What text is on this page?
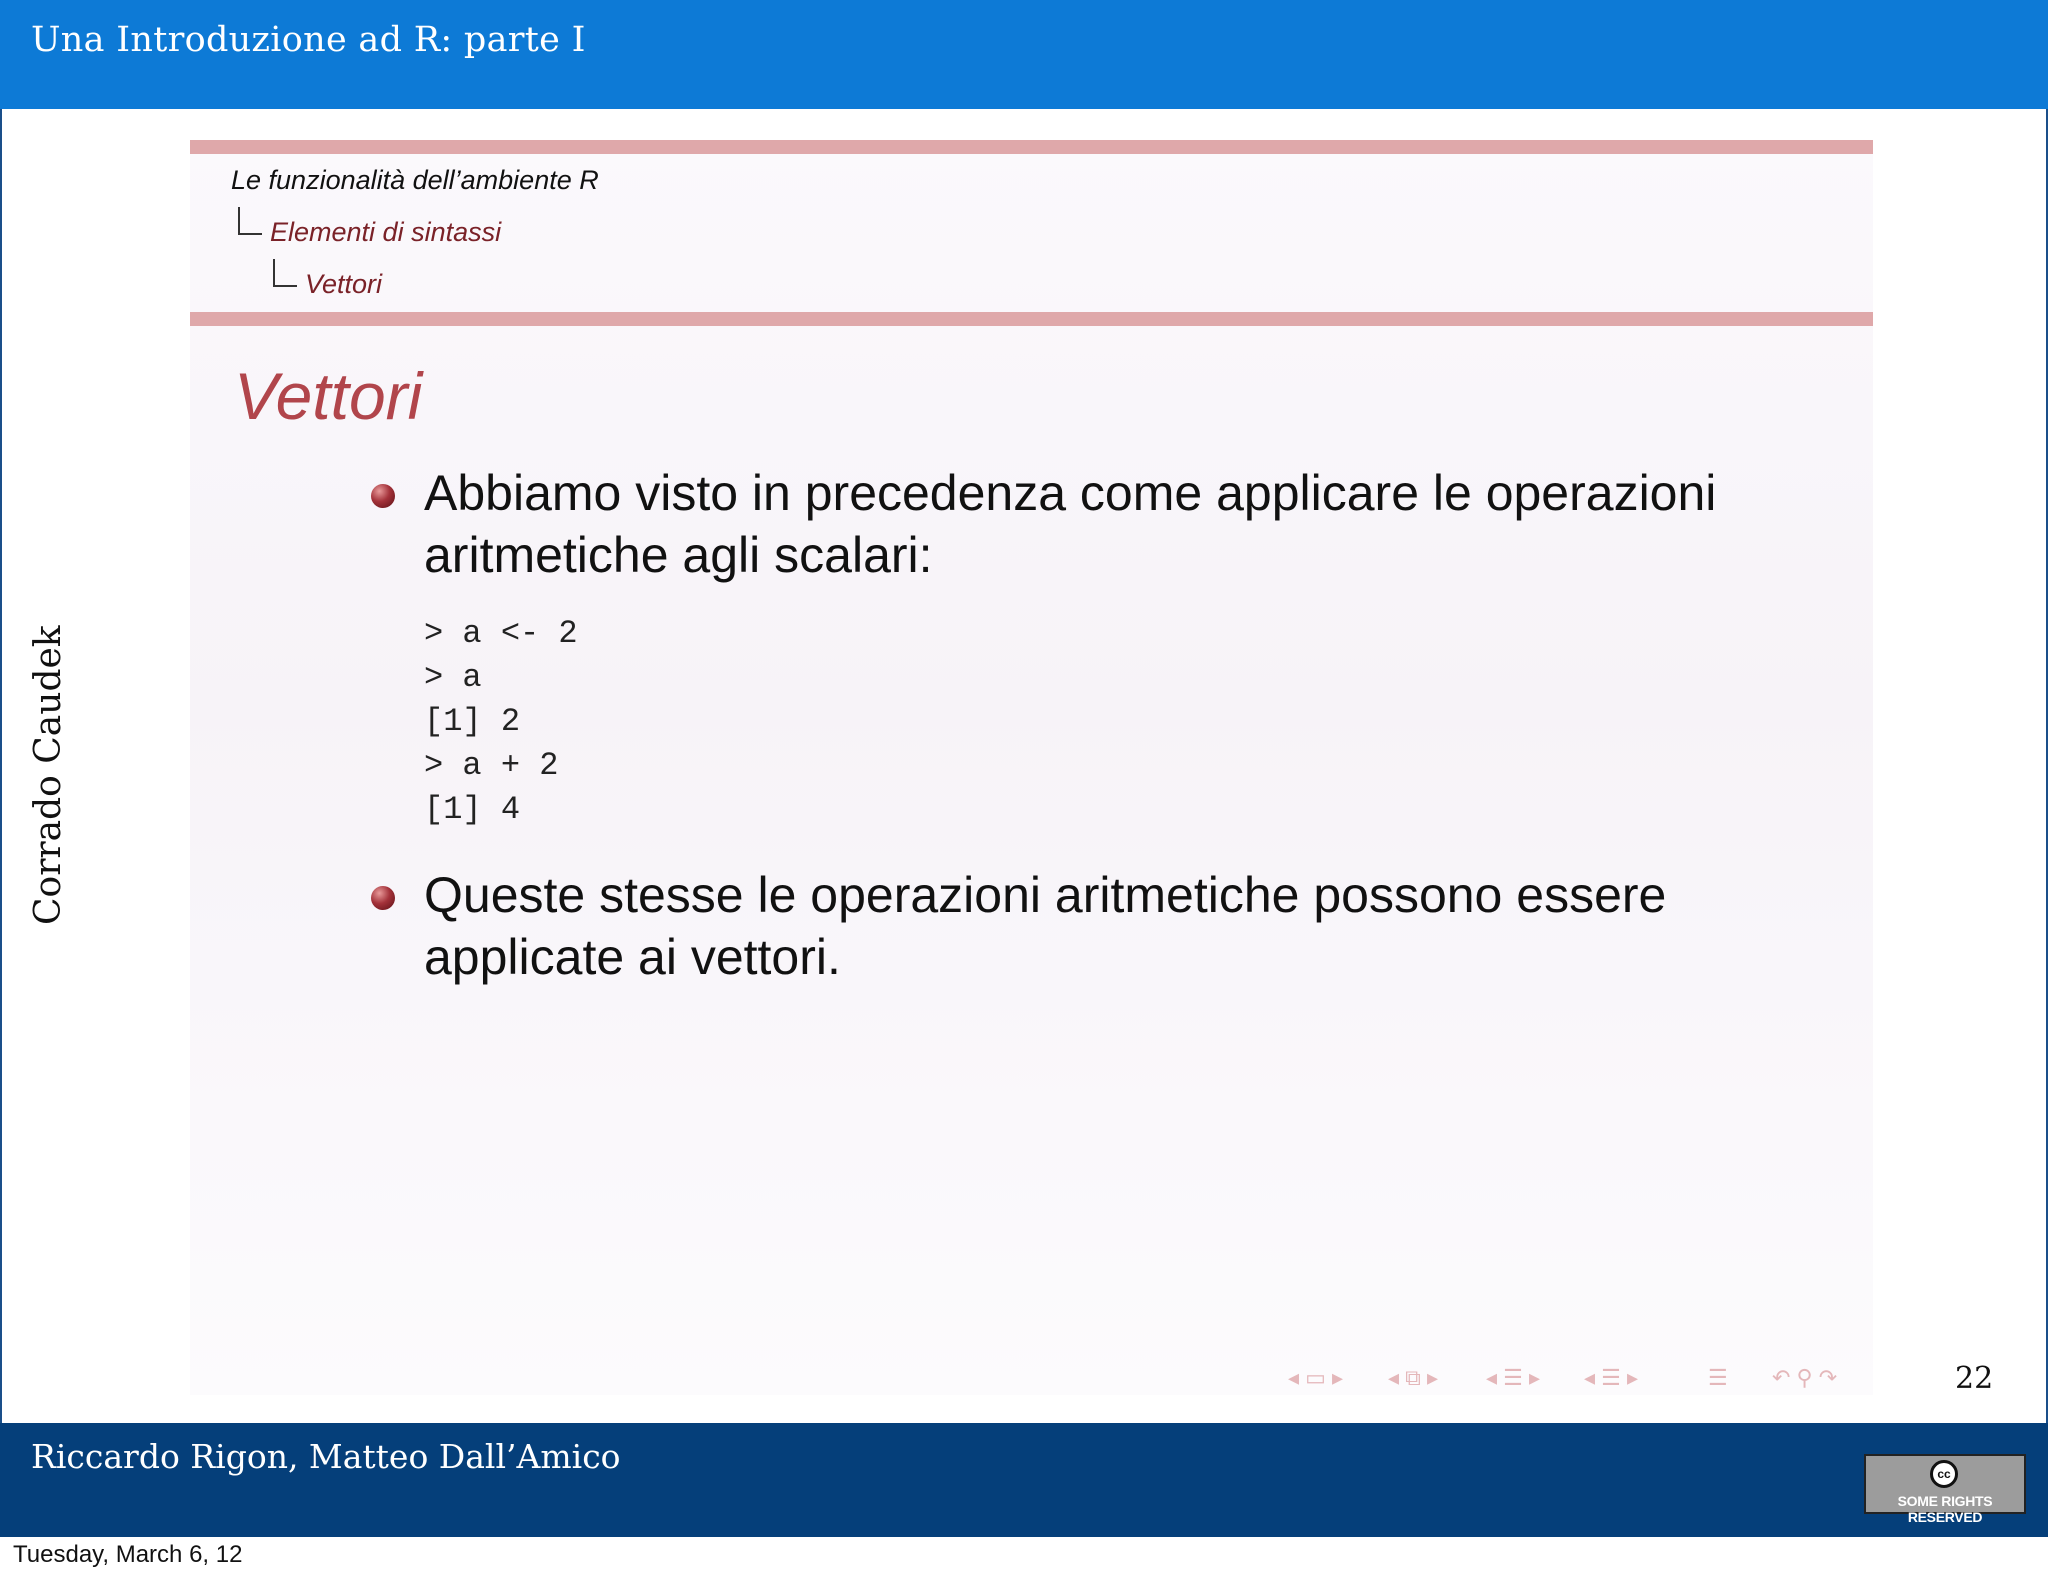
Una Introduzione ad R: parte I
Corrado Caudek
Le funzionalità dell’ambiente R
Elementi di sintassi
Vettori
Vettori
Abbiamo visto in precedenza come applicare le operazioni aritmetiche agli scalari:
> a <- 2
> a
[1] 2
> a + 2
[1] 4
Queste stesse le operazioni aritmetiche possono essere applicate ai vettori.
◂ ▭ ▸ ◂ ⧉ ▸ ◂ ☰ ▸ ◂ ☰ ▸	☰ ↶ ⚲ ↷	22
Riccardo Rigon, Matteo Dall’Amico	cc
SOME RIGHTS RESERVED
Tuesday, March 6, 12
